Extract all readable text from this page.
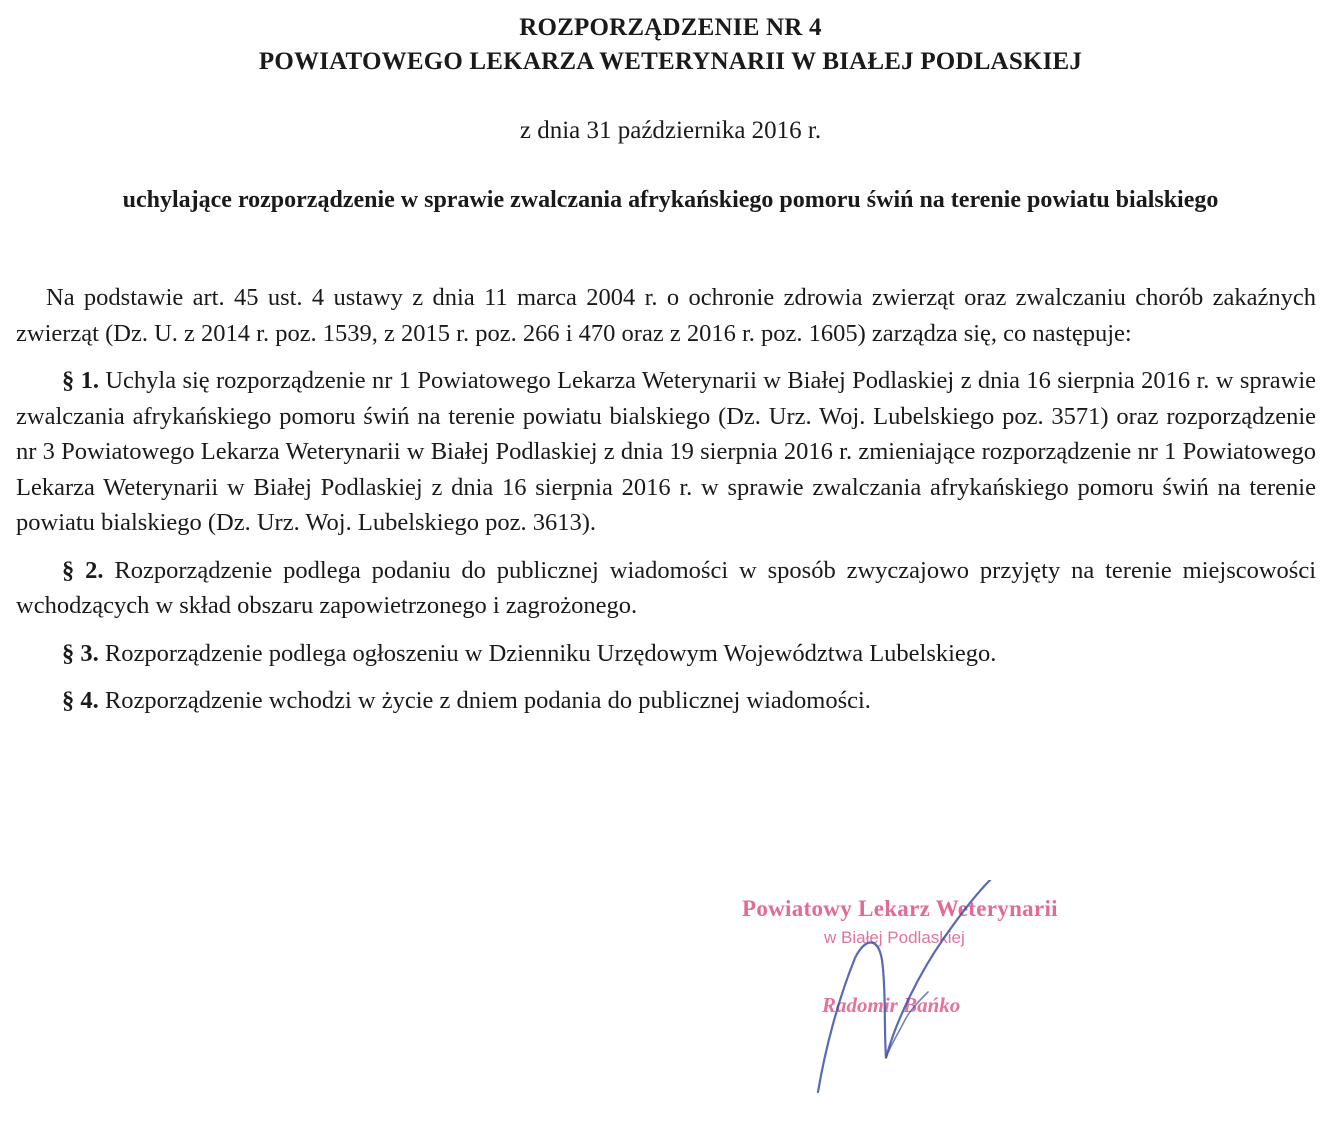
ROZPORZĄDZENIE NR 4
POWIATOWEGO LEKARZA WETERYNARII W BIAŁEJ PODLASKIEJ
z dnia 31 października 2016 r.
uchylające rozporządzenie w sprawie zwalczania afrykańskiego pomoru świń na terenie powiatu bialskiego

Na podstawie art. 45 ust. 4 ustawy z dnia 11 marca 2004 r. o ochronie zdrowia zwierząt oraz zwalczaniu chorób zakaźnych zwierząt (Dz. U. z 2014 r. poz. 1539, z 2015 r. poz. 266 i 470 oraz z 2016 r. poz. 1605) zarządza się, co następuje:

§ 1. Uchyla się rozporządzenie nr 1 Powiatowego Lekarza Weterynarii w Białej Podlaskiej z dnia 16 sierpnia 2016 r. w sprawie zwalczania afrykańskiego pomoru świń na terenie powiatu bialskiego (Dz. Urz. Woj. Lubelskiego poz. 3571) oraz rozporządzenie nr 3 Powiatowego Lekarza Weterynarii w Białej Podlaskiej z dnia 19 sierpnia 2016 r. zmieniające rozporządzenie nr 1 Powiatowego Lekarza Weterynarii w Białej Podlaskiej z dnia 16 sierpnia 2016 r. w sprawie zwalczania afrykańskiego pomoru świń na terenie powiatu bialskiego (Dz. Urz. Woj. Lubelskiego poz. 3613).

§ 2. Rozporządzenie podlega podaniu do publicznej wiadomości w sposób zwyczajowo przyjęty na terenie miejscowości wchodzących w skład obszaru zapowietrzonego i zagrożonego.

§ 3. Rozporządzenie podlega ogłoszeniu w Dzienniku Urzędowym Województwa Lubelskiego.

§ 4. Rozporządzenie wchodzi w życie z dniem podania do publicznej wiadomości.

Powiatowy Lekarz Weterynarii
w Białej Podlaskiej
Radomir Bańko
